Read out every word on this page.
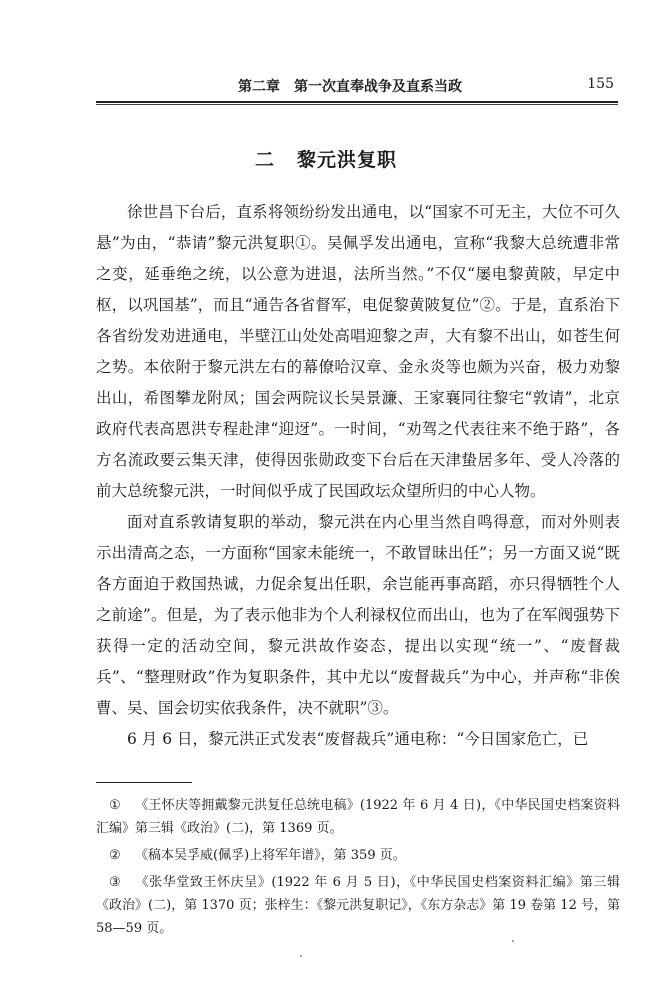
第二章 第一次直奉战争及直系当政	155
二 黎元洪复职

徐世昌下台后，直系将领纷纷发出通电，以“国家不可无主，大位不可久悬”为由，“恭请”黎元洪复职①。吴佩孚发出通电，宣称“我黎大总统遭非常之变，延垂绝之统，以公意为进退，法所当然。”不仅“屡电黎黄陂，早定中枢，以巩国基”，而且“通告各省督军，电促黎黄陂复位”②。于是，直系治下各省纷发劝进通电，半壁江山处处高唱迎黎之声，大有黎不出山，如苍生何之势。本依附于黎元洪左右的幕僚哈汉章、金永炎等也颇为兴奋，极力劝黎出山，希图攀龙附凤；国会两院议长吴景濂、王家襄同往黎宅“敦请”，北京政府代表高恩洪专程赴津“迎迓”。一时间，“劝驾之代表往来不绝于路”，各方名流政要云集天津，使得因张勋政变下台后在天津蛰居多年、受人冷落的前大总统黎元洪，一时间似乎成了民国政坛众望所归的中心人物。

面对直系敦请复职的举动，黎元洪在内心里当然自鸣得意，而对外则表示出清高之态，一方面称“国家未能统一，不敢冒昧出任”；另一方面又说“既各方面迫于救国热诚，力促余复出任职，余岂能再事高蹈，亦只得牺牲个人之前途”。但是，为了表示他非为个人利禄权位而出山，也为了在军阀强势下获得一定的活动空间，黎元洪故作姿态，提出以实现“统一”、“废督裁兵”、“整理财政”作为复职条件，其中尤以“废督裁兵”为中心，并声称“非俟曹、吴、国会切实依我条件，决不就职”③。

6 月 6 日，黎元洪正式发表“废督裁兵”通电称：“今日国家危亡，已

① 《王怀庆等拥戴黎元洪复任总统电稿》(1922 年 6 月 4 日)，《中华民国史档案资料汇编》第三辑《政治》(二)，第 1369 页。

② 《稿本吴孚威(佩孚)上将军年谱》，第 359 页。

③ 《张华堂致王怀庆呈》(1922 年 6 月 5 日)，《中华民国史档案资料汇编》第三辑《政治》(二)，第 1370 页；张梓生：《黎元洪复职记》，《东方杂志》第 19 卷第 12 号，第 58—59 页。
